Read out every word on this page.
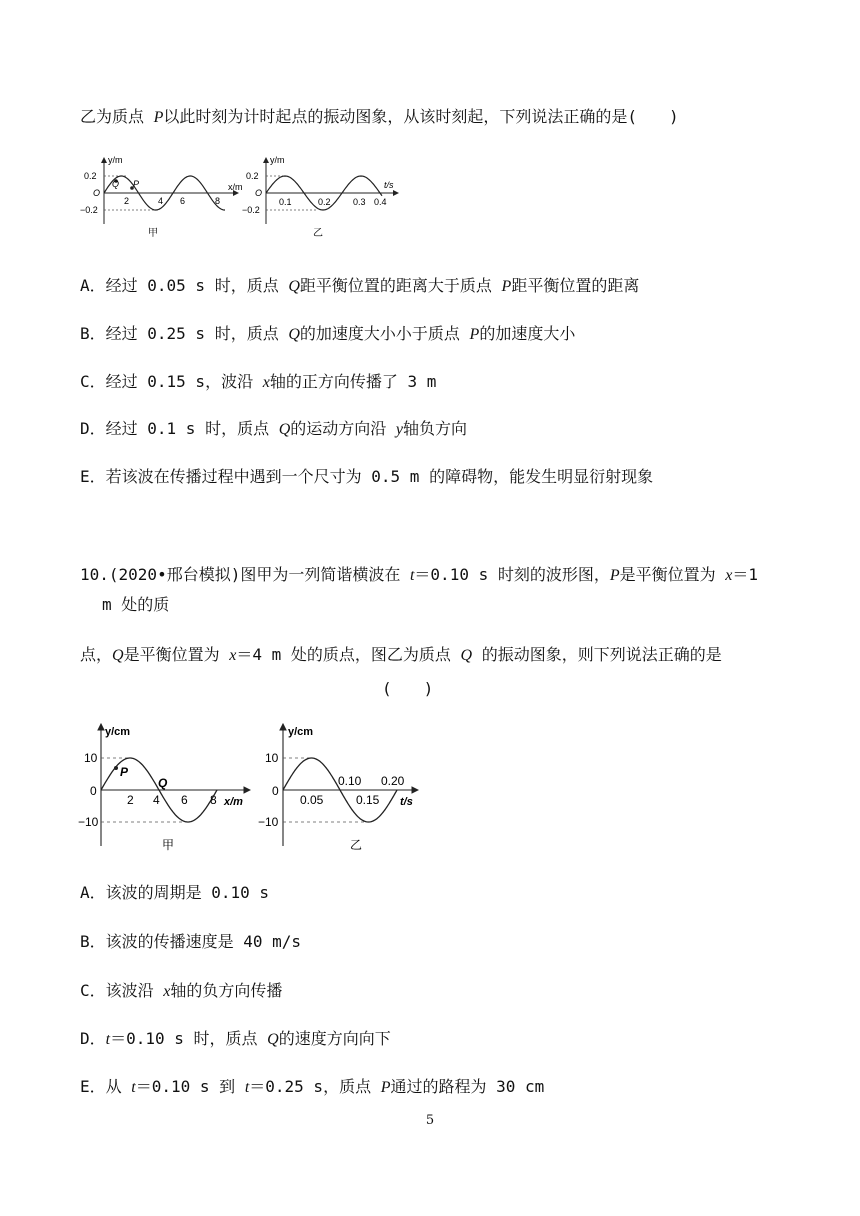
乙为质点 P以此时刻为计时起点的振动图象，从该时刻起，下列说法正确的是(　　)
y/m
x/m
0.2
−0.2
O
Q P
2	4 6	8
甲
y/m
t/s
0.2
−0.2
O
0.1	0.2 0.3 0.4
乙
A．经过 0.05 s 时，质点 Q距平衡位置的距离大于质点 P距平衡位置的距离
B．经过 0.25 s 时，质点 Q的加速度大小小于质点 P的加速度大小
C．经过 0.15 s，波沿 x轴的正方向传播了 3 m
D．经过 0.1 s 时，质点 Q的运动方向沿 y轴负方向
E．若该波在传播过程中遇到一个尺寸为 0.5 m 的障碍物，能发生明显衍射现象
10.(2020•邢台模拟)图甲为一列简谐横波在 t＝0.10 s 时刻的波形图，P是平衡位置为 x＝1
m 处的质
点，Q是平衡位置为 x＝4 m 处的质点，图乙为质点 Q 的振动图象，则下列说法正确的是
(　　)
y/cm
x/m
10
−10
0
P
Q
2 4 6 8
甲
y/cm
t/s
10
−10
0
0.10 0.20
0.05	0.15
乙
A．该波的周期是 0.10 s
B．该波的传播速度是 40 m/s
C．该波沿 x轴的负方向传播
D．t＝0.10 s 时，质点 Q的速度方向向下
E．从 t＝0.10 s 到 t＝0.25 s，质点 P通过的路程为 30 cm
5
